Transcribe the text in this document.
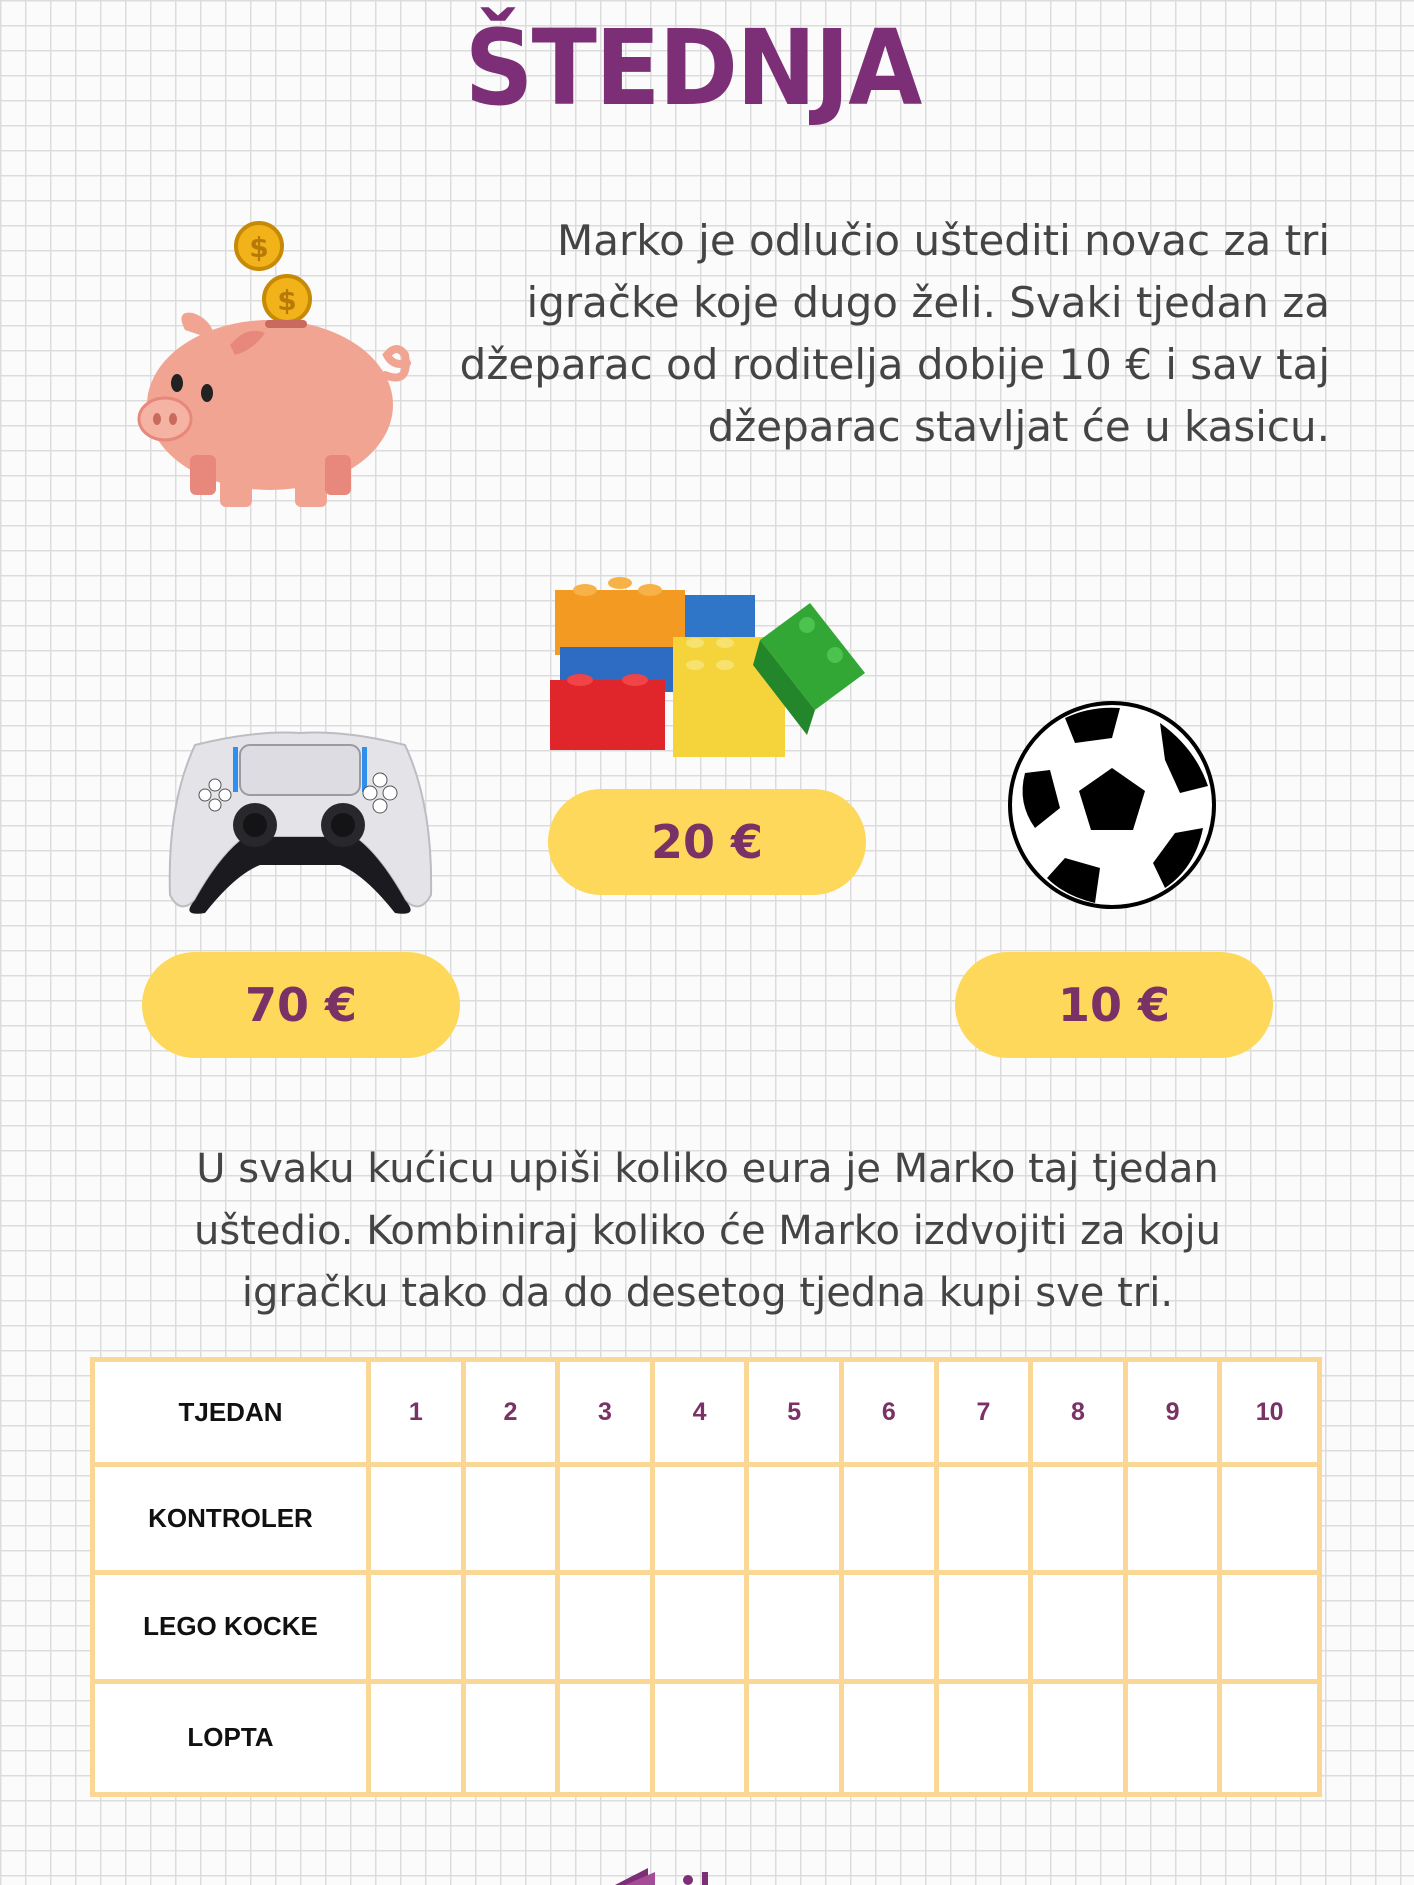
ŠTEDNJA
$
$
Marko je odlučio uštediti novac za tri igračke koje dugo želi. Svaki tjedan za džeparac od roditelja dobije 10 € i sav taj džeparac stavljat će u kasicu.
70 €
20 €
10 €
U svaku kućicu upiši koliko eura je Marko taj tjedan uštedio. Kombiniraj koliko će Marko izdvojiti za koju igračku tako da do desetog tjedna kupi sve tri.
TJEDAN	1	2	3	4	5	6	7	8	9	10
KONTROLER
LEGO KOCKE
LOPTA
